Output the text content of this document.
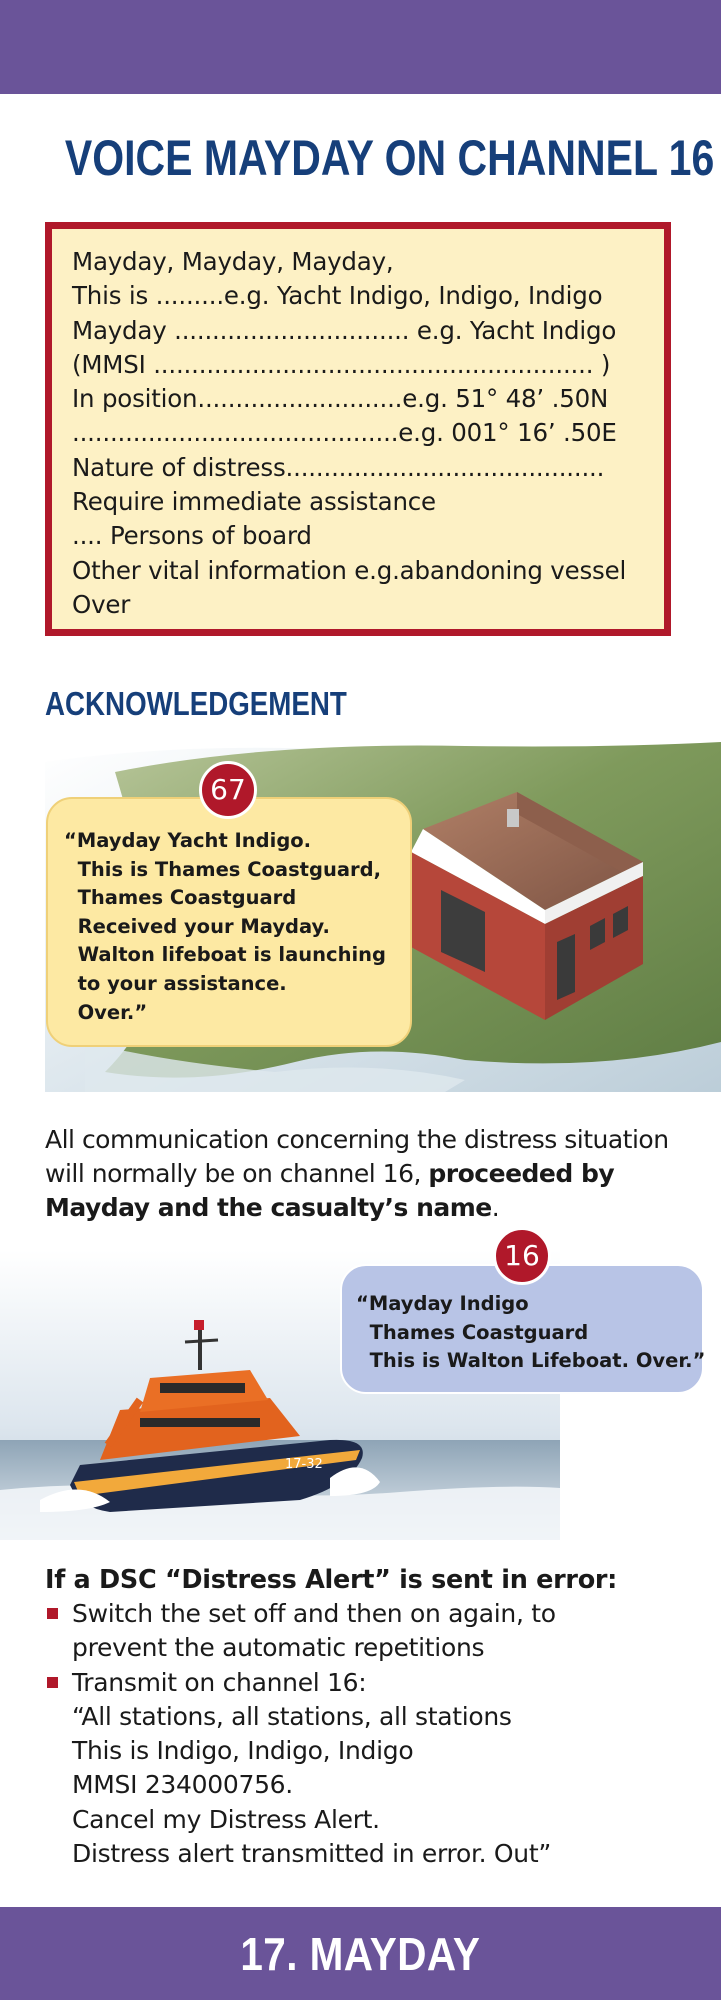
VOICE MAYDAY ON CHANNEL 16
Mayday, Mayday, Mayday,
This is .........e.g. Yacht Indigo, Indigo, Indigo
Mayday ............................... e.g. Yacht Indigo
(MMSI .......................................................... )
In position...........................e.g. 51° 48’ .50N
...........................................e.g. 001° 16’ .50E
Nature of distress..........................................
Require immediate assistance
.... Persons of board
Other vital information e.g.abandoning vessel
Over
ACKNOWLEDGEMENT
“Mayday Yacht Indigo.
This is Thames Coastguard,
Thames Coastguard
Received your Mayday.
Walton lifeboat is launching
to your assistance.
Over.”
67
All communication concerning the distress situation will normally be on channel 16, proceeded by Mayday and the casualty’s name.
17-32
“Mayday Indigo
Thames Coastguard
This is Walton Lifeboat. Over.”
16
If a DSC “Distress Alert” is sent in error:
Switch the set off and then on again, to
prevent the automatic repetitions
Transmit on channel 16:
“All stations, all stations, all stations
This is Indigo, Indigo, Indigo
MMSI 234000756.
Cancel my Distress Alert.
Distress alert transmitted in error. Out”
17. MAYDAY
